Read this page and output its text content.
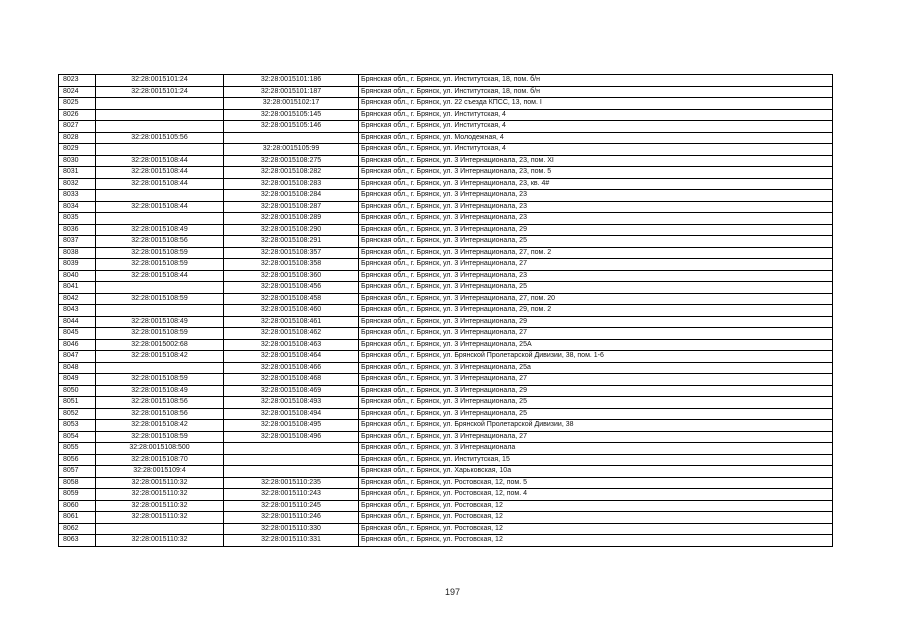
8023	32:28:0015101:24	32:28:0015101:186	Брянская обл., г. Брянск, ул. Институтская, 18, пом. б/н
8024	32:28:0015101:24	32:28:0015101:187	Брянская обл., г. Брянск, ул. Институтская, 18, пом. б/н
8025		32:28:0015102:17	Брянская обл., г. Брянск, ул. 22 съезда КПСС, 13, пом. I
8026		32:28:0015105:145	Брянская обл., г. Брянск, ул. Институтская, 4
8027		32:28:0015105:146	Брянская обл., г. Брянск, ул. Институтская, 4
8028	32:28:0015105:56		Брянская обл., г. Брянск, ул. Молодежная, 4
8029		32:28:0015105:99	Брянская обл., г. Брянск, ул. Институтская, 4
8030	32:28:0015108:44	32:28:0015108:275	Брянская обл., г. Брянск, ул. 3 Интернационала, 23, пом. XI
8031	32:28:0015108:44	32:28:0015108:282	Брянская обл., г. Брянск, ул. 3 Интернационала, 23, пом. 5
8032	32:28:0015108:44	32:28:0015108:283	Брянская обл., г. Брянск, ул. 3 Интернационала, 23, кв. 4#
8033		32:28:0015108:284	Брянская обл., г. Брянск, ул. 3 Интернационала, 23
8034	32:28:0015108:44	32:28:0015108:287	Брянская обл., г. Брянск, ул. 3 Интернационала, 23
8035		32:28:0015108:289	Брянская обл., г. Брянск, ул. 3 Интернационала, 23
8036	32:28:0015108:49	32:28:0015108:290	Брянская обл., г. Брянск, ул. 3 Интернационала, 29
8037	32:28:0015108:56	32:28:0015108:291	Брянская обл., г. Брянск, ул. 3 Интернационала, 25
8038	32:28:0015108:59	32:28:0015108:357	Брянская обл., г. Брянск, ул. 3 Интернационала, 27, пом. 2
8039	32:28:0015108:59	32:28:0015108:358	Брянская обл., г. Брянск, ул. 3 Интернационала, 27
8040	32:28:0015108:44	32:28:0015108:360	Брянская обл., г. Брянск, ул. 3 Интернационала, 23
8041		32:28:0015108:456	Брянская обл., г. Брянск, ул. 3 Интернационала, 25
8042	32:28:0015108:59	32:28:0015108:458	Брянская обл., г. Брянск, ул. 3 Интернационала, 27, пом. 20
8043		32:28:0015108:460	Брянская обл., г. Брянск, ул. 3 Интернационала, 29, пом. 2
8044	32:28:0015108:49	32:28:0015108:461	Брянская обл., г. Брянск, ул. 3 Интернационала, 29
8045	32:28:0015108:59	32:28:0015108:462	Брянская обл., г. Брянск, ул. 3 Интернационала, 27
8046	32:28:0015002:68	32:28:0015108:463	Брянская обл., г. Брянск, ул. 3 Интернационала, 25А
8047	32:28:0015108:42	32:28:0015108:464	Брянская обл., г. Брянск, ул. Брянской Пролетарской Дивизии, 38, пом. 1-6
8048		32:28:0015108:466	Брянская обл., г. Брянск, ул. 3 Интернационала, 25а
8049	32:28:0015108:59	32:28:0015108:468	Брянская обл., г. Брянск, ул. 3 Интернационала, 27
8050	32:28:0015108:49	32:28:0015108:469	Брянская обл., г. Брянск, ул. 3 Интернационала, 29
8051	32:28:0015108:56	32:28:0015108:493	Брянская обл., г. Брянск, ул. 3 Интернационала, 25
8052	32:28:0015108:56	32:28:0015108:494	Брянская обл., г. Брянск, ул. 3 Интернационала, 25
8053	32:28:0015108:42	32:28:0015108:495	Брянская обл., г. Брянск, ул. Брянской Пролетарской Дивизии, 38
8054	32:28:0015108:59	32:28:0015108:496	Брянская обл., г. Брянск, ул. 3 Интернационала, 27
8055	32:28:0015108:500		Брянская обл., г. Брянск, ул. 3 Интернационала
8056	32:28:0015108:70		Брянская обл., г. Брянск, ул. Институтская, 15
8057	32:28:0015109:4		Брянская обл., г. Брянск, ул. Харьковская, 10а
8058	32:28:0015110:32	32:28:0015110:235	Брянская обл., г. Брянск, ул. Ростовская, 12, пом. 5
8059	32:28:0015110:32	32:28:0015110:243	Брянская обл., г. Брянск, ул. Ростовская, 12, пом. 4
8060	32:28:0015110:32	32:28:0015110:245	Брянская обл., г. Брянск, ул. Ростовская, 12
8061	32:28:0015110:32	32:28:0015110:246	Брянская обл., г. Брянск, ул. Ростовская, 12
8062		32:28:0015110:330	Брянская обл., г. Брянск, ул. Ростовская, 12
8063	32:28:0015110:32	32:28:0015110:331	Брянская обл., г. Брянск, ул. Ростовская, 12
197
